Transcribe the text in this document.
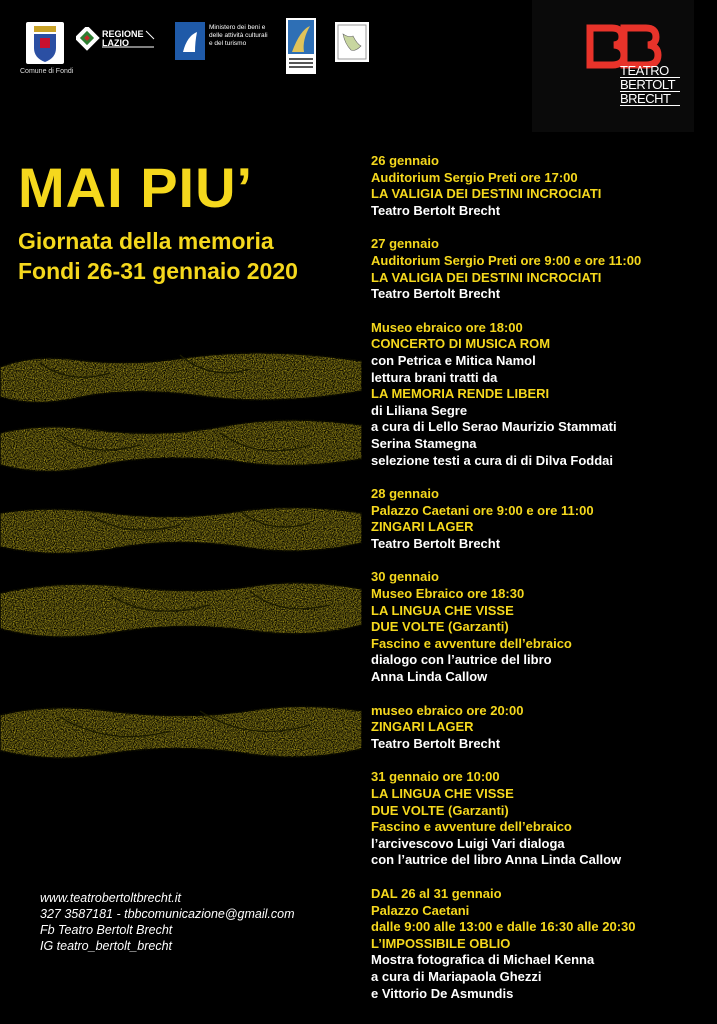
Comune di Fondi
REGIONE LAZIO
Ministero dei beni e delle attività culturali e del turismo
TEATRO
BERTOLT
BRECHT
MAI PIU’
Giornata della memoria
Fondi 26-31 gennaio 2020
www.teatrobertoltbrecht.it
327 3587181 - tbbcomunicazione@gmail.com
Fb Teatro Bertolt Brecht
IG teatro_bertolt_brecht
26 gennaio
Auditorium Sergio Preti ore 17:00
LA VALIGIA DEI DESTINI INCROCIATI
Teatro Bertolt Brecht
27 gennaio
Auditorium Sergio Preti ore 9:00 e ore 11:00
LA VALIGIA DEI DESTINI INCROCIATI
Teatro Bertolt Brecht
Museo ebraico ore 18:00
CONCERTO DI MUSICA ROM
con Petrica e Mitica Namol
lettura brani tratti da
LA MEMORIA RENDE LIBERI
di Liliana Segre
a cura di Lello Serao Maurizio Stammati
Serina Stamegna
selezione testi a cura di di Dilva Foddai
28 gennaio
Palazzo Caetani ore 9:00 e ore 11:00
ZINGARI LAGER
Teatro Bertolt Brecht
30 gennaio
Museo Ebraico ore 18:30
LA LINGUA CHE VISSE
DUE VOLTE (Garzanti)
Fascino e avventure dell’ebraico
dialogo con l’autrice del libro
Anna Linda Callow
museo ebraico ore 20:00
ZINGARI LAGER
Teatro Bertolt Brecht
31 gennaio ore 10:00
LA LINGUA CHE VISSE
DUE VOLTE (Garzanti)
Fascino e avventure dell’ebraico
l’arcivescovo Luigi Vari dialoga
con l’autrice del libro Anna Linda Callow
DAL 26 al 31 gennaio
Palazzo Caetani
dalle 9:00 alle 13:00 e dalle 16:30 alle 20:30
L’IMPOSSIBILE OBLIO
Mostra fotografica di Michael Kenna
a cura di Mariapaola Ghezzi
e Vittorio De Asmundis
